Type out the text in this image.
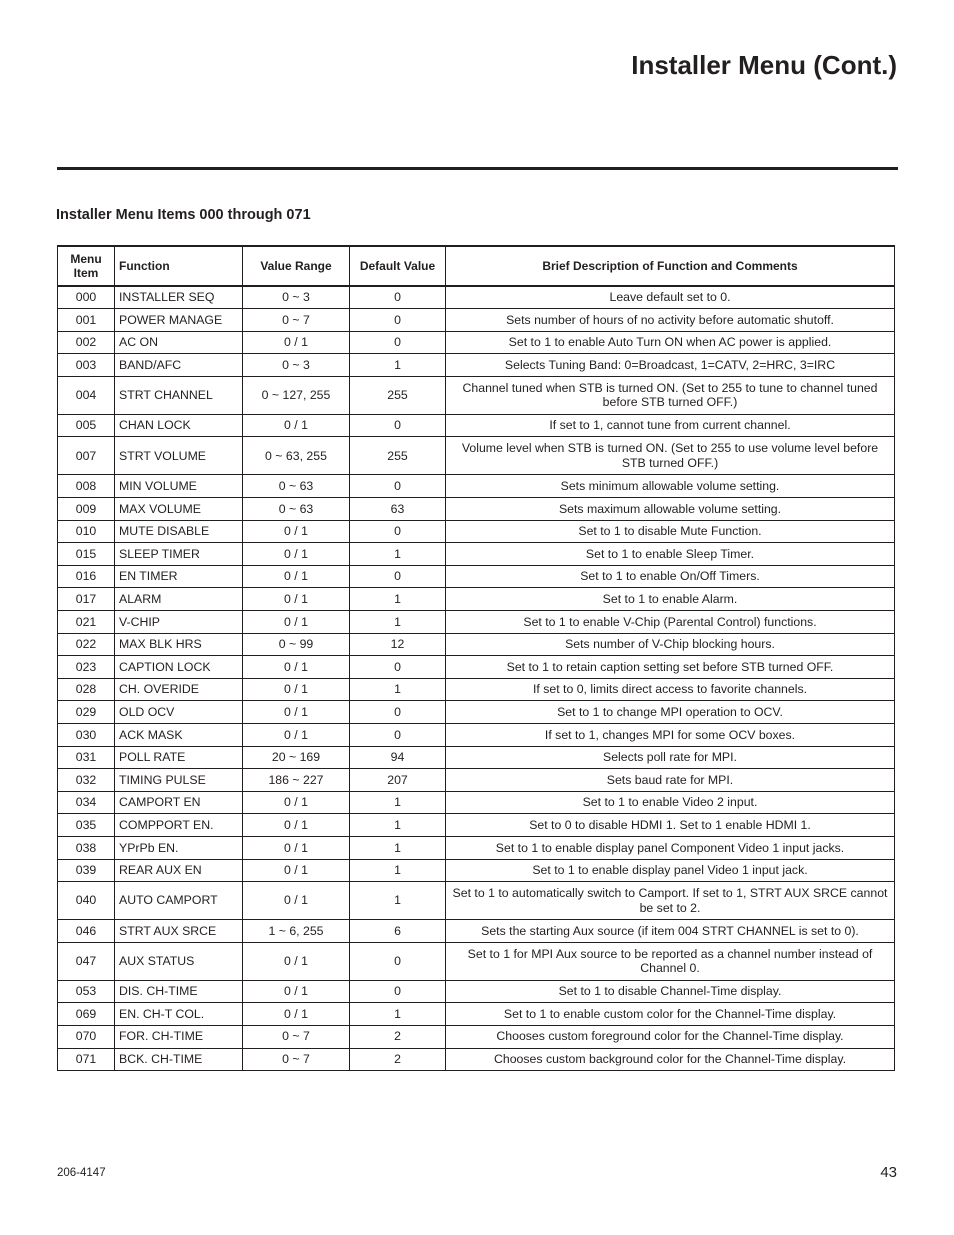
Installer Menu (Cont.)
Installer Menu Items 000 through 071
Menu Item	Function	Value Range	Default Value	Brief Description of Function and Comments
000	INSTALLER SEQ	0 ~ 3	0	Leave default set to 0.
001	POWER MANAGE	0 ~ 7	0	Sets number of hours of no activity before automatic shutoff.
002	AC ON	0 / 1	0	Set to 1 to enable Auto Turn ON when AC power is applied.
003	BAND/AFC	0 ~ 3	1	Selects Tuning Band: 0=Broadcast, 1=CATV, 2=HRC, 3=IRC
004	STRT CHANNEL	0 ~ 127, 255	255	Channel tuned when STB is turned ON. (Set to 255 to tune to channel tuned before STB turned OFF.)
005	CHAN LOCK	0 / 1	0	If set to 1, cannot tune from current channel.
007	STRT VOLUME	0 ~ 63, 255	255	Volume level when STB is turned ON. (Set to 255 to use volume level before STB turned OFF.)
008	MIN VOLUME	0 ~ 63	0	Sets minimum allowable volume setting.
009	MAX VOLUME	0 ~ 63	63	Sets maximum allowable volume setting.
010	MUTE DISABLE	0 / 1	0	Set to 1 to disable Mute Function.
015	SLEEP TIMER	0 / 1	1	Set to 1 to enable Sleep Timer.
016	EN TIMER	0 / 1	0	Set to 1 to enable On/Off Timers.
017	ALARM	0 / 1	1	Set to 1 to enable Alarm.
021	V-CHIP	0 / 1	1	Set to 1 to enable V-Chip (Parental Control) functions.
022	MAX BLK HRS	0 ~ 99	12	Sets number of V-Chip blocking hours.
023	CAPTION LOCK	0 / 1	0	Set to 1 to retain caption setting set before STB turned OFF.
028	CH. OVERIDE	0 / 1	1	If set to 0, limits direct access to favorite channels.
029	OLD OCV	0 / 1	0	Set to 1 to change MPI operation to OCV.
030	ACK MASK	0 / 1	0	If set to 1, changes MPI for some OCV boxes.
031	POLL RATE	20 ~ 169	94	Selects poll rate for MPI.
032	TIMING PULSE	186 ~ 227	207	Sets baud rate for MPI.
034	CAMPORT EN	0 / 1	1	Set to 1 to enable Video 2 input.
035	COMPPORT EN.	0 / 1	1	Set to 0 to disable HDMI 1. Set to 1 enable HDMI 1.
038	YPrPb EN.	0 / 1	1	Set to 1 to enable display panel Component Video 1 input jacks.
039	REAR AUX EN	0 / 1	1	Set to 1 to enable display panel Video 1 input jack.
040	AUTO CAMPORT	0 / 1	1	Set to 1 to automatically switch to Camport. If set to 1, STRT AUX SRCE cannot be set to 2.
046	STRT AUX SRCE	1 ~ 6, 255	6	Sets the starting Aux source (if item 004 STRT CHANNEL is set to 0).
047	AUX STATUS	0 / 1	0	Set to 1 for MPI Aux source to be reported as a channel number instead of Channel 0.
053	DIS. CH-TIME	0 / 1	0	Set to 1 to disable Channel-Time display.
069	EN. CH-T COL.	0 / 1	1	Set to 1 to enable custom color for the Channel-Time display.
070	FOR. CH-TIME	0 ~ 7	2	Chooses custom foreground color for the Channel-Time display.
071	BCK. CH-TIME	0 ~ 7	2	Chooses custom background color for the Channel-Time display.

206-4147	43
